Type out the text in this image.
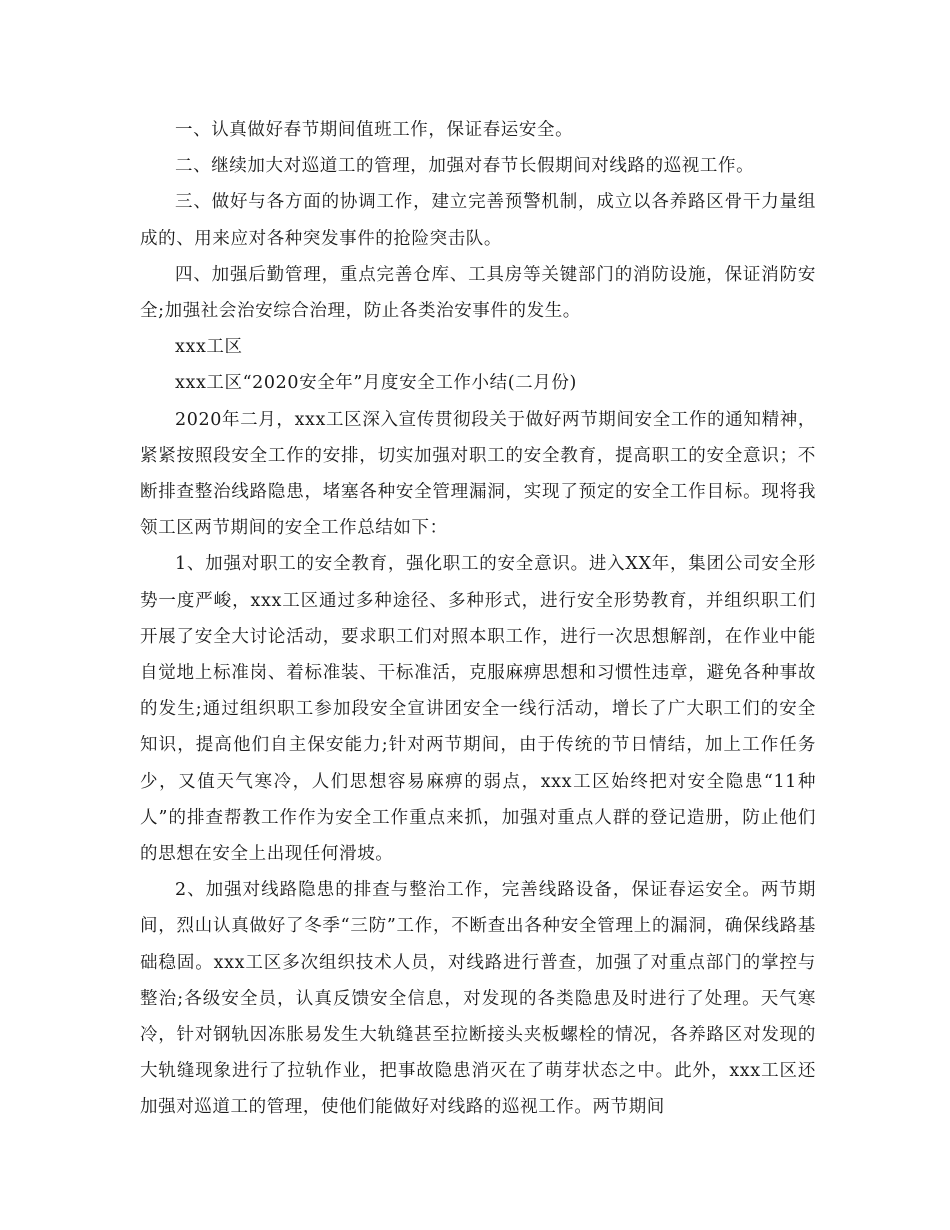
一、认真做好春节期间值班工作，保证春运安全。

二、继续加大对巡道工的管理，加强对春节长假期间对线路的巡视工作。

三、做好与各方面的协调工作，建立完善预警机制，成立以各养路区骨干力量组成的、用来应对各种突发事件的抢险突击队。

四、加强后勤管理，重点完善仓库、工具房等关键部门的消防设施，保证消防安全;加强社会治安综合治理，防止各类治安事件的发生。

xxx工区

xxx工区“2020安全年”月度安全工作小结(二月份)

2020年二月，xxx工区深入宣传贯彻段关于做好两节期间安全工作的通知精神，紧紧按照段安全工作的安排，切实加强对职工的安全教育，提高职工的安全意识；不断排查整治线路隐患，堵塞各种安全管理漏洞，实现了预定的安全工作目标。现将我领工区两节期间的安全工作总结如下：

1、加强对职工的安全教育，强化职工的安全意识。进入XX年，集团公司安全形势一度严峻，xxx工区通过多种途径、多种形式，进行安全形势教育，并组织职工们开展了安全大讨论活动，要求职工们对照本职工作，进行一次思想解剖，在作业中能自觉地上标准岗、着标准装、干标准活，克服麻痹思想和习惯性违章，避免各种事故的发生;通过组织职工参加段安全宣讲团安全一线行活动，增长了广大职工们的安全知识，提高他们自主保安能力;针对两节期间，由于传统的节日情结，加上工作任务少，又值天气寒冷，人们思想容易麻痹的弱点，xxx工区始终把对安全隐患“11种人”的排查帮教工作作为安全工作重点来抓，加强对重点人群的登记造册，防止他们的思想在安全上出现任何滑坡。

2、加强对线路隐患的排查与整治工作，完善线路设备，保证春运安全。两节期间，烈山认真做好了冬季“三防”工作，不断查出各种安全管理上的漏洞，确保线路基础稳固。xxx工区多次组织技术人员，对线路进行普查，加强了对重点部门的掌控与整治;各级安全员，认真反馈安全信息，对发现的各类隐患及时进行了处理。天气寒冷，针对钢轨因冻胀易发生大轨缝甚至拉断接头夹板螺栓的情况，各养路区对发现的大轨缝现象进行了拉轨作业，把事故隐患消灭在了萌芽状态之中。此外，xxx工区还加强对巡道工的管理，使他们能做好对线路的巡视工作。两节期间
